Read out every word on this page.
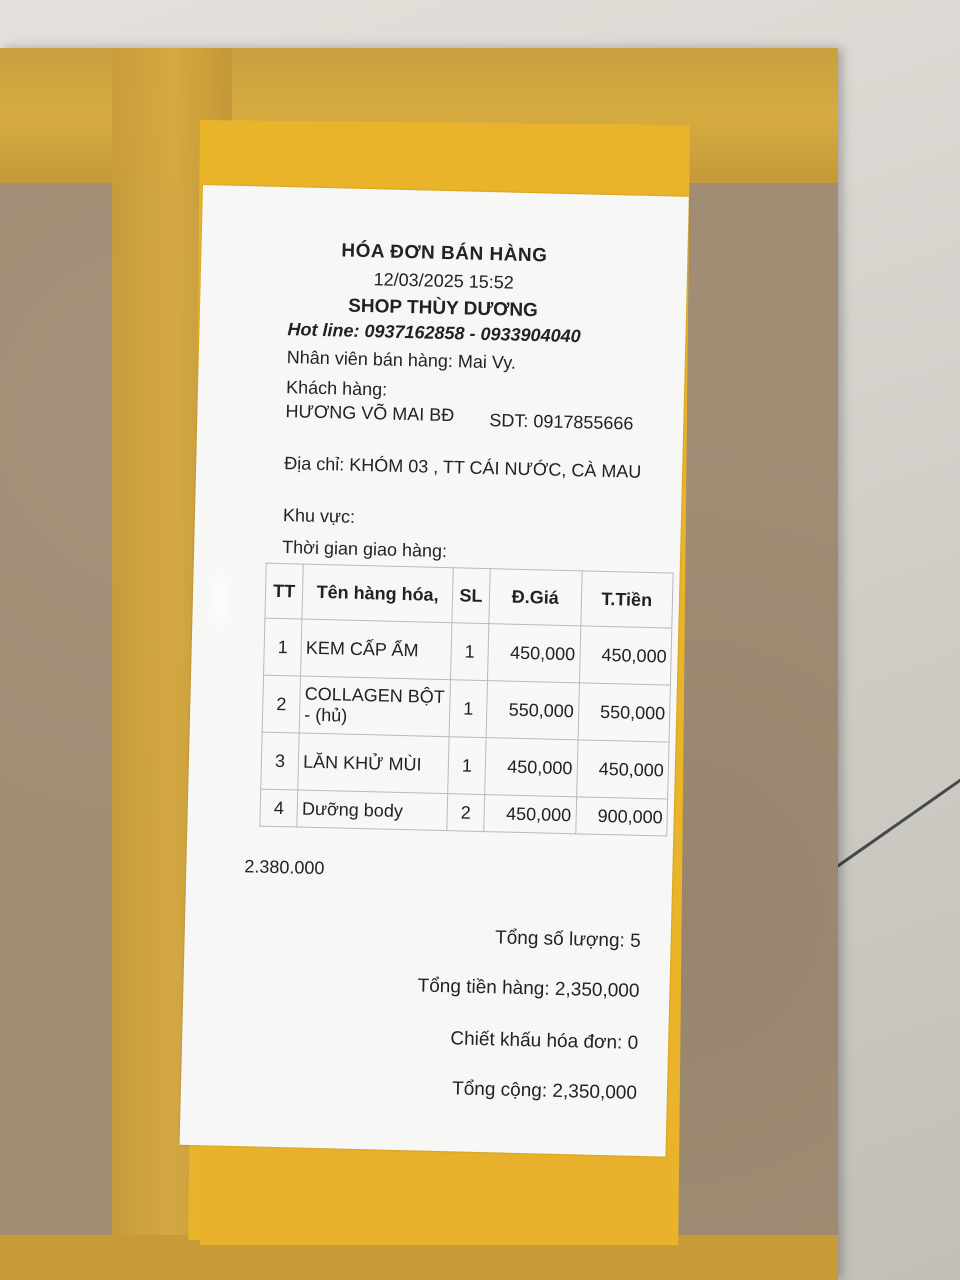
HÓA ĐƠN BÁN HÀNG
12/03/2025 15:52
SHOP THÙY DƯƠNG
Hot line: 0937162858 - 0933904040
Nhân viên bán hàng: Mai Vy.
Khách hàng:
HƯƠNG VÕ MAI BĐ	SDT: 0917855666
Địa chỉ: KHÓM 03 , TT CÁI NƯỚC, CÀ MAU
Khu vực:
Thời gian giao hàng:
TT	Tên hàng hóa,	SL	Đ.Giá	T.Tiền
1	KEM CẤP ẨM	1	450,000	450,000
2	COLLAGEN BỘT - (hủ)	1	550,000	550,000
3	LĂN KHỬ MÙI	1	450,000	450,000
4	Dưỡng body	2	450,000	900,000
2.380.000
Tổng số lượng: 5
Tổng tiền hàng: 2,350,000
Chiết khấu hóa đơn: 0
Tổng cộng: 2,350,000
